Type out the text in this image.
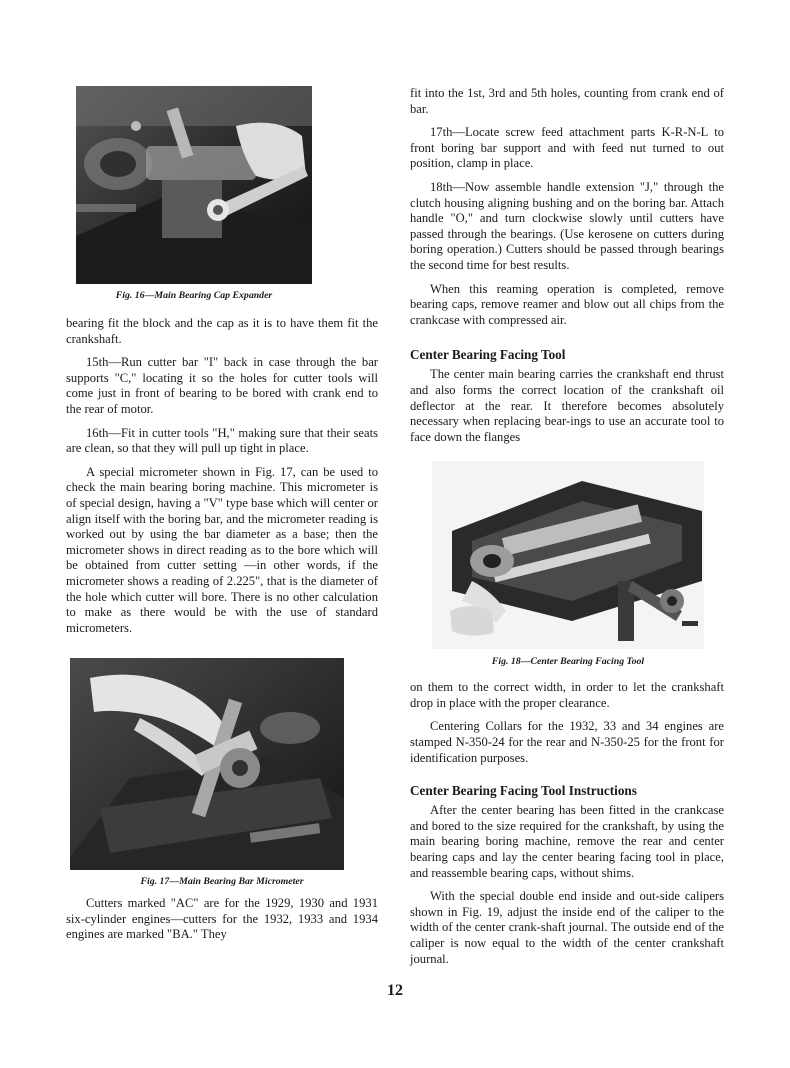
Fig. 16—Main Bearing Cap Expander

bearing fit the block and the cap as it is to have them fit the crankshaft.

15th—Run cutter bar "I" back in case through the bar supports "C," locating it so the holes for cutter tools will come just in front of bearing to be bored with crank end to the rear of motor.

16th—Fit in cutter tools "H," making sure that their seats are clean, so that they will pull up tight in place.

A special micrometer shown in Fig. 17, can be used to check the main bearing boring machine. This micrometer is of special design, having a "V" type base which will center or align itself with the boring bar, and the micrometer reading is worked out by using the bar diameter as a base; then the micrometer shows in direct reading as to the bore which will be obtained from cutter setting —in other words, if the micrometer shows a reading of 2.225", that is the diameter of the hole which cutter will bore. There is no other calculation to make as there would be with the use of standard micrometers.

Fig. 17—Main Bearing Bar Micrometer

Cutters marked "AC" are for the 1929, 1930 and 1931 six-cylinder engines—cutters for the 1932, 1933 and 1934 engines are marked "BA." They

fit into the 1st, 3rd and 5th holes, counting from crank end of bar.

17th—Locate screw feed attachment parts K-R-N-L to front boring bar support and with feed nut turned to out position, clamp in place.

18th—Now assemble handle extension "J," through the clutch housing aligning bushing and on the boring bar. Attach handle "O," and turn clockwise slowly until cutters have passed through the bearings. (Use kerosene on cutters during boring operation.) Cutters should be passed through bearings the second time for best results.

When this reaming operation is completed, remove bearing caps, remove reamer and blow out all chips from the crankcase with compressed air.

Center Bearing Facing Tool

The center main bearing carries the crankshaft end thrust and also forms the correct location of the crankshaft oil deflector at the rear. It therefore becomes absolutely necessary when replacing bear-ings to use an accurate tool to face down the flanges

Fig. 18—Center Bearing Facing Tool

on them to the correct width, in order to let the crankshaft drop in place with the proper clearance.

Centering Collars for the 1932, 33 and 34 engines are stamped N-350-24 for the rear and N-350-25 for the front for identification purposes.

Center Bearing Facing Tool Instructions

After the center bearing has been fitted in the crankcase and bored to the size required for the crankshaft, by using the main bearing boring machine, remove the rear and center bearing caps and lay the center bearing facing tool in place, and reassemble bearing caps, without shims.

With the special double end inside and out-side calipers shown in Fig. 19, adjust the inside end of the caliper to the width of the center crank-shaft journal. The outside end of the caliper is now equal to the width of the center crankshaft journal.

12
